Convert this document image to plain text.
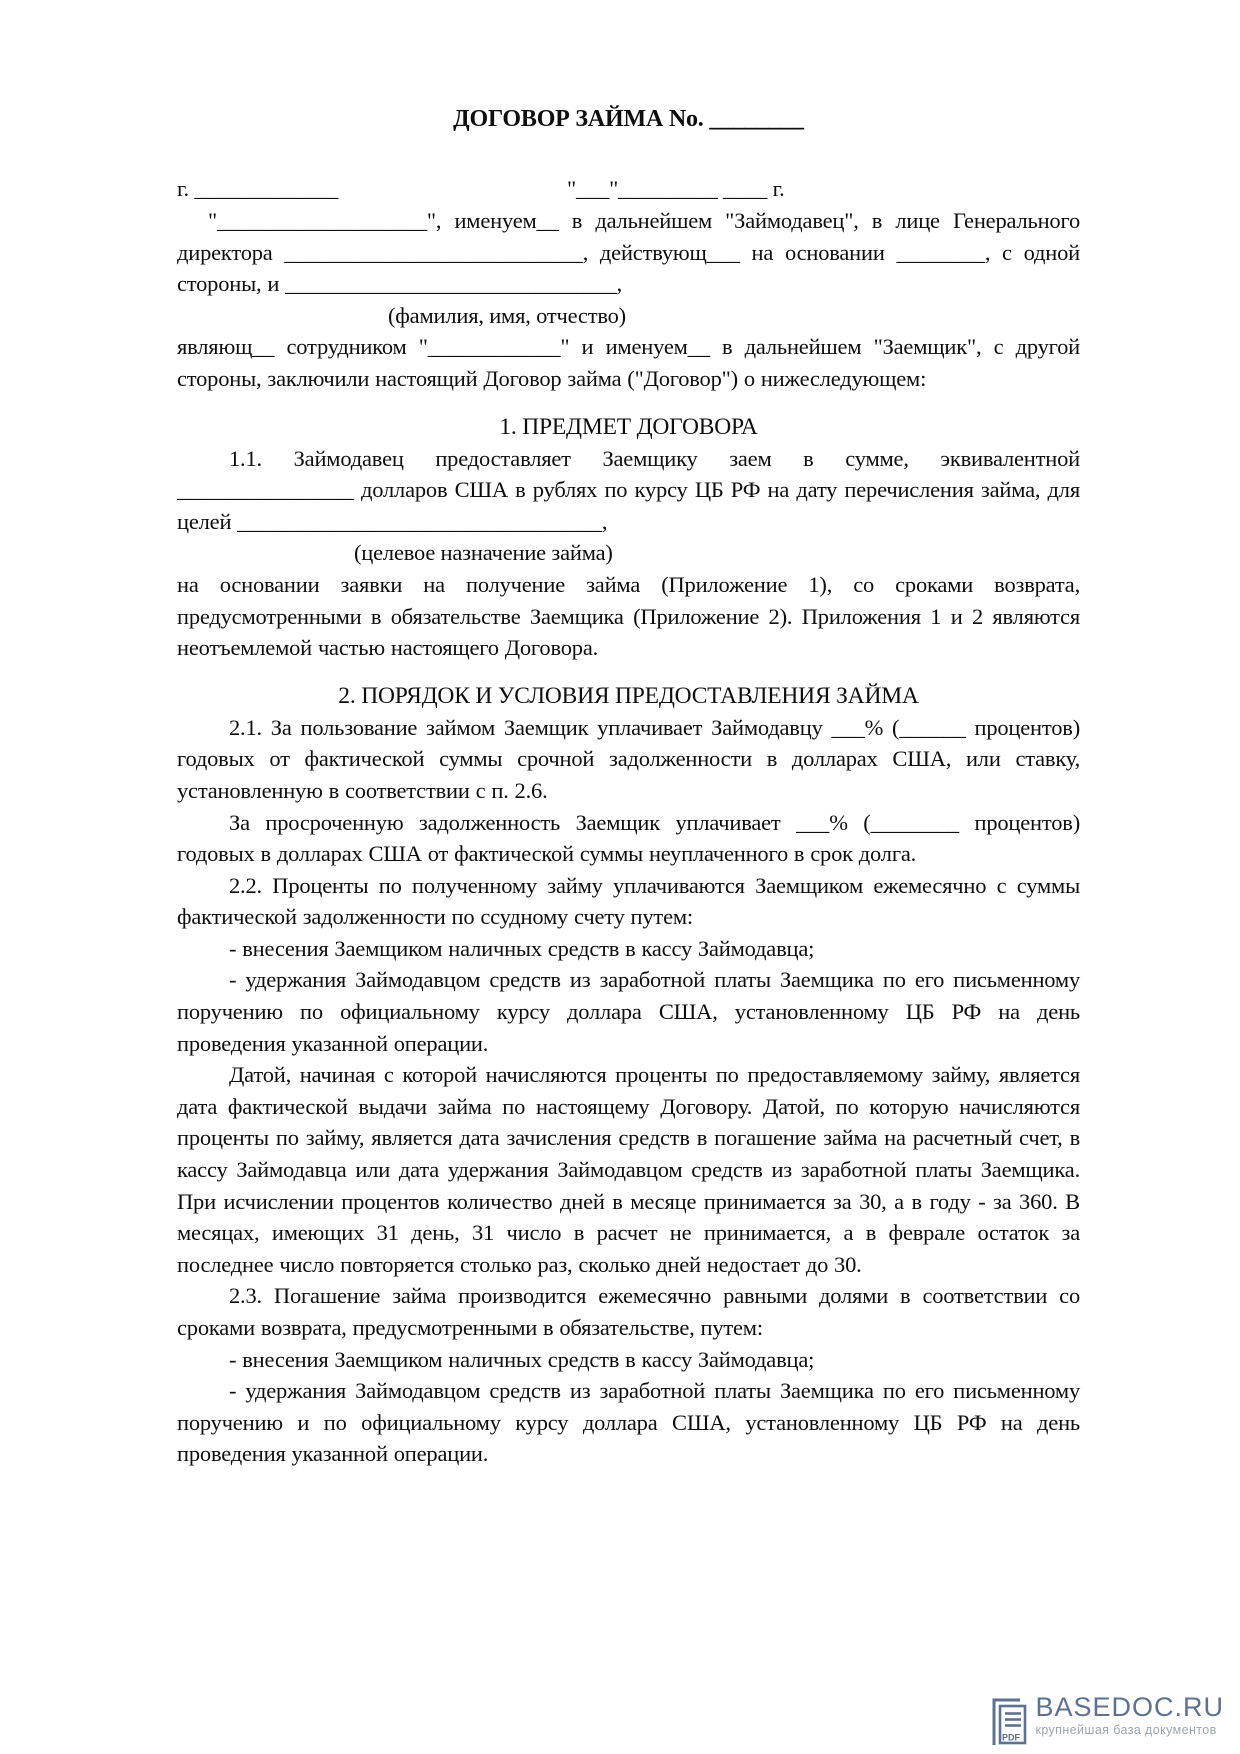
ДОГОВОР ЗАЙМА No. ________
г. _____________	"___"_________ ____ г.

"___________________", именуем__ в дальнейшем "Займодавец", в лице Генерального директора ___________________________, действующ___ на основании ________, с одной стороны, и ______________________________,

(фамилия, имя, отчество)

являющ__ сотрудником "____________" и именуем__ в дальнейшем "Заемщик", с другой стороны, заключили настоящий Договор займа ("Договор") о нижеследующем:

1. ПРЕДМЕТ ДОГОВОРА

1.1. Займодавец предоставляет Заемщику заем в сумме, эквивалентной ________________ долларов США в рублях по курсу ЦБ РФ на дату перечисления займа, для целей _________________________________,

(целевое назначение займа)

на основании заявки на получение займа (Приложение 1), со сроками возврата, предусмотренными в обязательстве Заемщика (Приложение 2). Приложения 1 и 2 являются неотъемлемой частью настоящего Договора.

2. ПОРЯДОК И УСЛОВИЯ ПРЕДОСТАВЛЕНИЯ ЗАЙМА

2.1. За пользование займом Заемщик уплачивает Займодавцу ___% (______ процентов) годовых от фактической суммы срочной задолженности в долларах США, или ставку, установленную в соответствии с п. 2.6.

За просроченную задолженность Заемщик уплачивает ___% (________ процентов) годовых в долларах США от фактической суммы неуплаченного в срок долга.

2.2. Проценты по полученному займу уплачиваются Заемщиком ежемесячно с суммы фактической задолженности по ссудному счету путем:

- внесения Заемщиком наличных средств в кассу Займодавца;

- удержания Займодавцом средств из заработной платы Заемщика по его письменному поручению по официальному курсу доллара США, установленному ЦБ РФ на день проведения указанной операции.

Датой, начиная с которой начисляются проценты по предоставляемому займу, является дата фактической выдачи займа по настоящему Договору. Датой, по которую начисляются проценты по займу, является дата зачисления средств в погашение займа на расчетный счет, в кассу Займодавца или дата удержания Займодавцом средств из заработной платы Заемщика. При исчислении процентов количество дней в месяце принимается за 30, а в году - за 360. В месяцах, имеющих 31 день, 31 число в расчет не принимается, а в феврале остаток за последнее число повторяется столько раз, сколько дней недостает до 30.

2.3. Погашение займа производится ежемесячно равными долями в соответствии со сроками возврата, предусмотренными в обязательстве, путем:

- внесения Заемщиком наличных средств в кассу Займодавца;

- удержания Займодавцом средств из заработной платы Заемщика по его письменному поручению и по официальному курсу доллара США, установленному ЦБ РФ на день проведения указанной операции.

PDF
BASEDOC.RU
крупнейшая база документов
